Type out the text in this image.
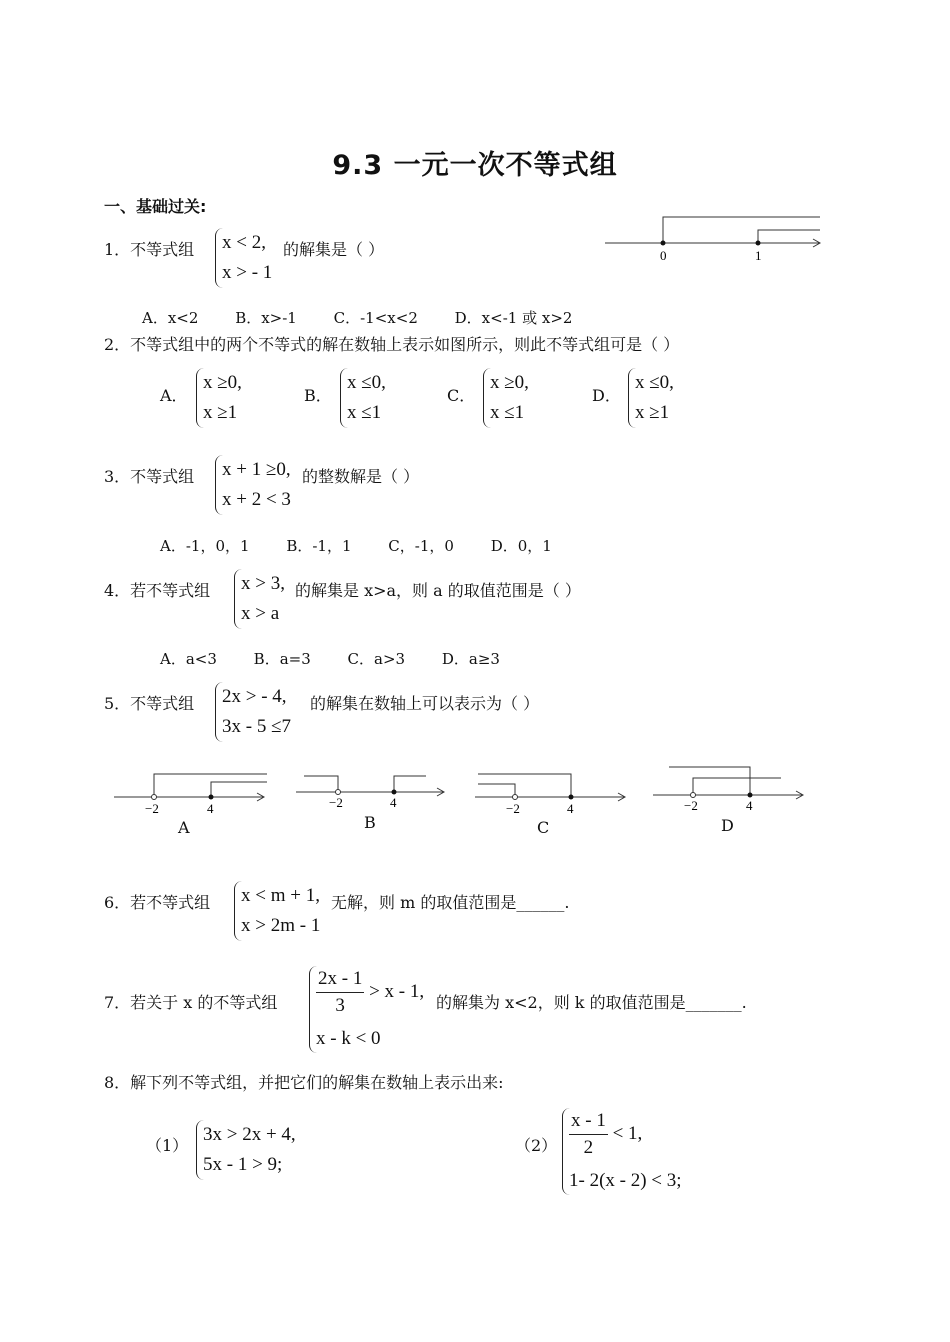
9.3 一元一次不等式组
一、基础过关:
1．不等式组 x < 2,
x > - 1
的解集是（ ）	0	1
A．x<2 B．x>-1 C．-1<x<2 D．x<-1 或 x>2
2．不等式组中的两个不等式的解在数轴上表示如图所示，则此不等式组可是（ ）
A．
x ≥0,
x ≥1
B．
x ≤0,
x ≤1
C．
x ≥0,
x ≤1
D．
x ≤0,
x ≥1
3．不等式组 x + 1 ≥0,
x + 2 < 3
的整数解是（ ）
A．-1，0，1 B．-1，1 C，-1，0 D．0，1
4．若不等式组 x > 3,
x > a
的解集是 x>a，则 a 的取值范围是（ ）
A．a<3 B．a=3 C．a>3 D．a≥3
5．不等式组 2x > - 4,
3x - 5 ≤7
的解集在数轴上可以表示为（ ）
−2	4
A
−2	4
B
−2	4
C
−2	4
D
6．若不等式组 x < m + 1,
x > 2m - 1
无解，则 m 的取值范围是______.
7．若关于 x 的不等式组 $\frac{2x - 1}{3} > x - 1$,
x - k < 0
的解集为 x<2，则 k 的取值范围是_______.
8．解下列不等式组，并把它们的解集在数轴上表示出来:
（1）
3x > 2x + 4,
5x - 1 > 9;
$(2) \frac{x - 1}{2} < 1$,
1- 2(x - 2) < 3;
